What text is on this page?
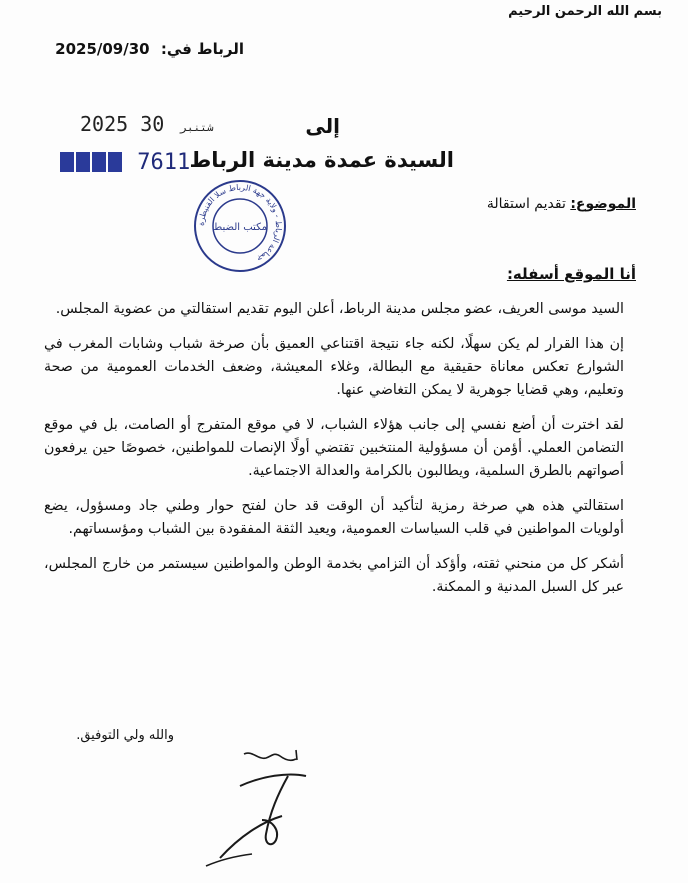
بسم الله الرحمن الرحيم
الرباط في: 2025/09/30
2025	شتنبر 30	إلى
7611 السيدة عمدة مدينة الرباط
الموضوع: تقديم استقالة
جماعة الرباط - ولاية جهة الرباط سلا القنيطرة
مكتب الضبط
أنا الموقع أسفله:

السيد موسى العريف، عضو مجلس مدينة الرباط، أعلن اليوم تقديم استقالتي من عضوية المجلس.

إن هذا القرار لم يكن سهلًا، لكنه جاء نتيجة اقتناعي العميق بأن صرخة شباب وشابات المغرب في الشوارع تعكس معاناة حقيقية مع البطالة، وغلاء المعيشة، وضعف الخدمات العمومية من صحة وتعليم، وهي قضايا جوهرية لا يمكن التغاضي عنها.

لقد اخترت أن أضع نفسي إلى جانب هؤلاء الشباب، لا في موقع المتفرج أو الصامت، بل في موقع التضامن العملي. أؤمن أن مسؤولية المنتخبين تقتضي أولًا الإنصات للمواطنين، خصوصًا حين يرفعون أصواتهم بالطرق السلمية، ويطالبون بالكرامة والعدالة الاجتماعية.

استقالتي هذه هي صرخة رمزية لتأكيد أن الوقت قد حان لفتح حوار وطني جاد ومسؤول، يضع أولويات المواطنين في قلب السياسات العمومية، ويعيد الثقة المفقودة بين الشباب ومؤسساتهم.

أشكر كل من منحني ثقته، وأؤكد أن التزامي بخدمة الوطن والمواطنين سيستمر من خارج المجلس، عبر كل السبل المدنية و الممكنة.

والله ولي التوفيق.
